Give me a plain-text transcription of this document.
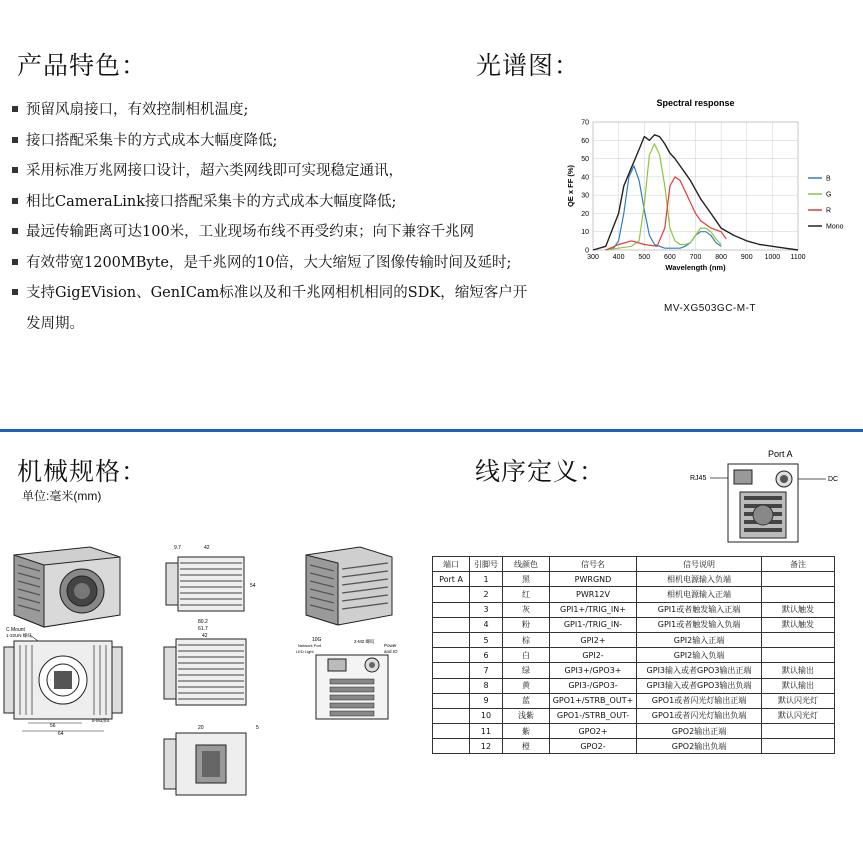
产品特色：
预留风扇接口，有效控制相机温度;
接口搭配采集卡的方式成本大幅度降低;
采用标准万兆网接口设计，超六类网线即可实现稳定通讯，
相比CameraLink接口搭配采集卡的方式成本大幅度降低;
最远传输距离可达100米，工业现场布线不再受约束；向下兼容千兆网
有效带宽1200MByte，是千兆网的10倍，大大缩短了图像传输时间及延时;
支持GigEVision、GenICam标准以及和千兆网相机相同的SDK，缩短客户开发周期。
光谱图：
Spectral response
0
10
20
30
40
50
60
70
300 400 500 600 700 800 900 1000 1100
Wavelength (nm)
QE x FF (%)	B
G
R
Mono
MV-XG503GC-M-T
机械规格：
单位:毫米(mm)
C Mount
1-32UN 螺纹
56
64
8-M3深4
9.7	42
54
80.2
61.7
42
20	5
10G
Network Port
LED Light
2-M2 螺纹
Power
and IO
线序定义：
Port A
RJ45	DC
端口	引脚号	线颜色	信号名	信号说明	备注
Port A	1	黑	PWRGND	相机电源输入负端	
	2	红	PWR12V	相机电源输入正端	
	3	灰	GPI1+/TRIG_IN+	GPI1或者触发输入正端	默认触发
	4	粉	GPI1-/TRIG_IN-	GPI1或者触发输入负端	默认触发
	5	棕	GPI2+	GPI2输入正端	
	6	白	GPI2-	GPI2输入负端	
	7	绿	GPI3+/GPO3+	GPI3输入或者GPO3输出正端	默认输出
	8	黄	GPI3-/GPO3-	GPI3输入或者GPO3输出负端	默认输出
	9	蓝	GPO1+/STRB_OUT+	GPO1或者闪光灯输出正端	默认闪光灯
	10	浅紫	GPO1-/STRB_OUT-	GPO1或者闪光灯输出负端	默认闪光灯
	11	紫	GPO2+	GPO2输出正端	
	12	橙	GPO2-	GPO2输出负端	
